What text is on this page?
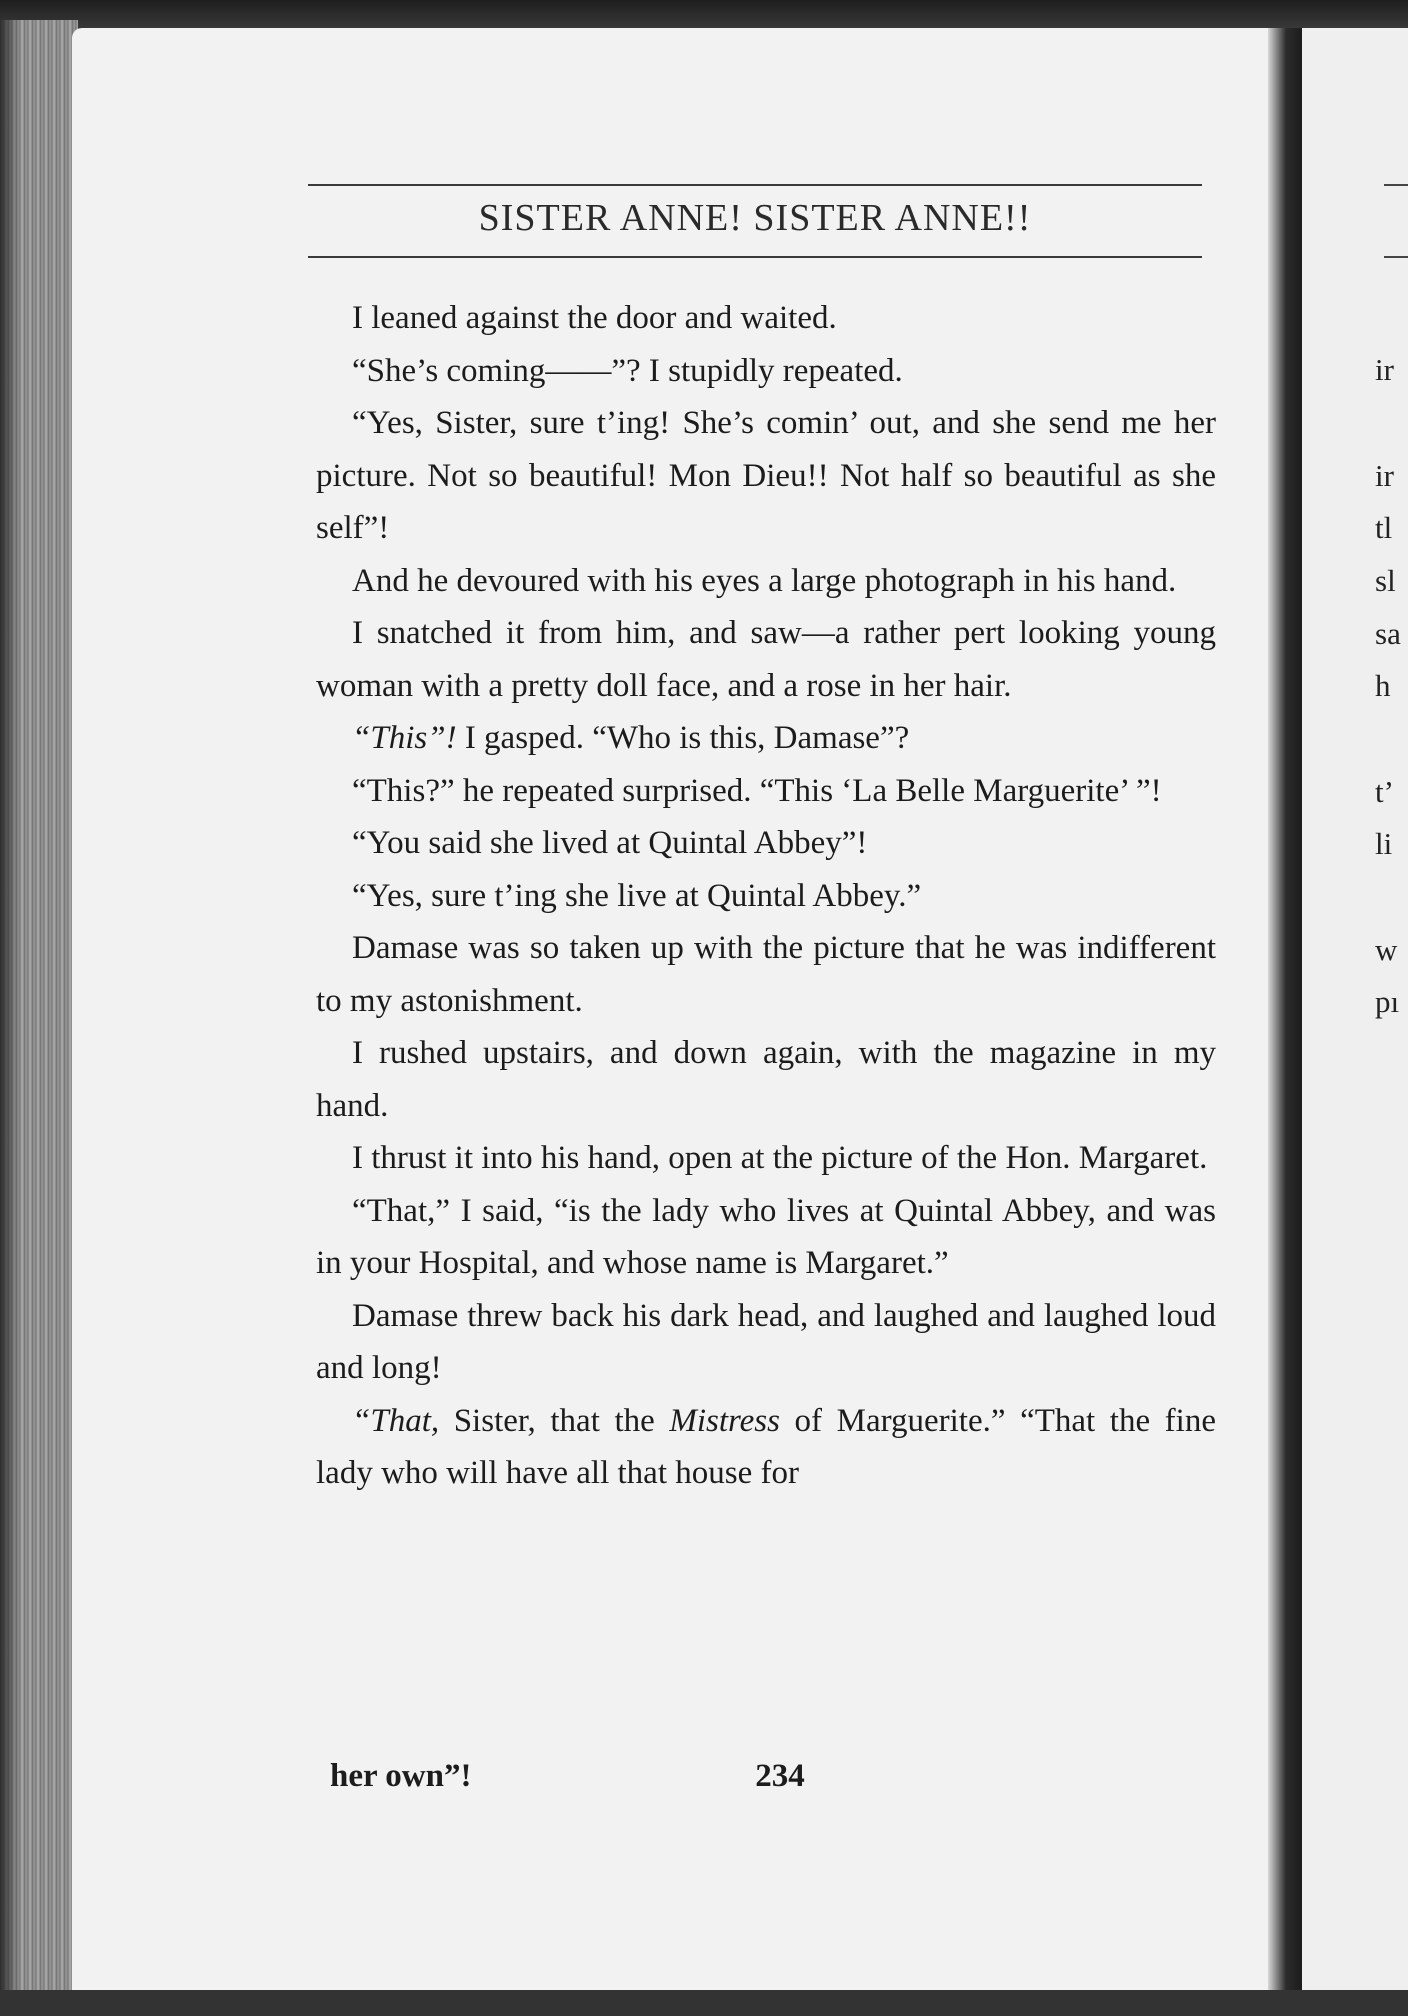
SISTER ANNE! SISTER ANNE!!

I leaned against the door and waited.

“She’s coming——”? I stupidly repeated.

“Yes, Sister, sure t’ing! She’s comin’ out, and she send me her picture. Not so beautiful! Mon Dieu!! Not half so beautiful as she self”!

And he devoured with his eyes a large photograph in his hand.

I snatched it from him, and saw—a rather pert looking young woman with a pretty doll face, and a rose in her hair.

“This”! I gasped. “Who is this, Damase”?

“This?” he repeated surprised. “This ‘La Belle Marguerite’ ”!

“You said she lived at Quintal Abbey”!

“Yes, sure t’ing she live at Quintal Abbey.”

Damase was so taken up with the picture that he was indifferent to my astonishment.

I rushed upstairs, and down again, with the magazine in my hand.

I thrust it into his hand, open at the picture of the Hon. Margaret.

“That,” I said, “is the lady who lives at Quintal Abbey, and was in your Hospital, and whose name is Margaret.”

Damase threw back his dark head, and laughed and laughed loud and long!

“That, Sister, that the Mistress of Marguerite.” “That the fine lady who will have all that house for

her own”!	234
ir
ir
tl
sl
sa
h
t’
li
w
pı
